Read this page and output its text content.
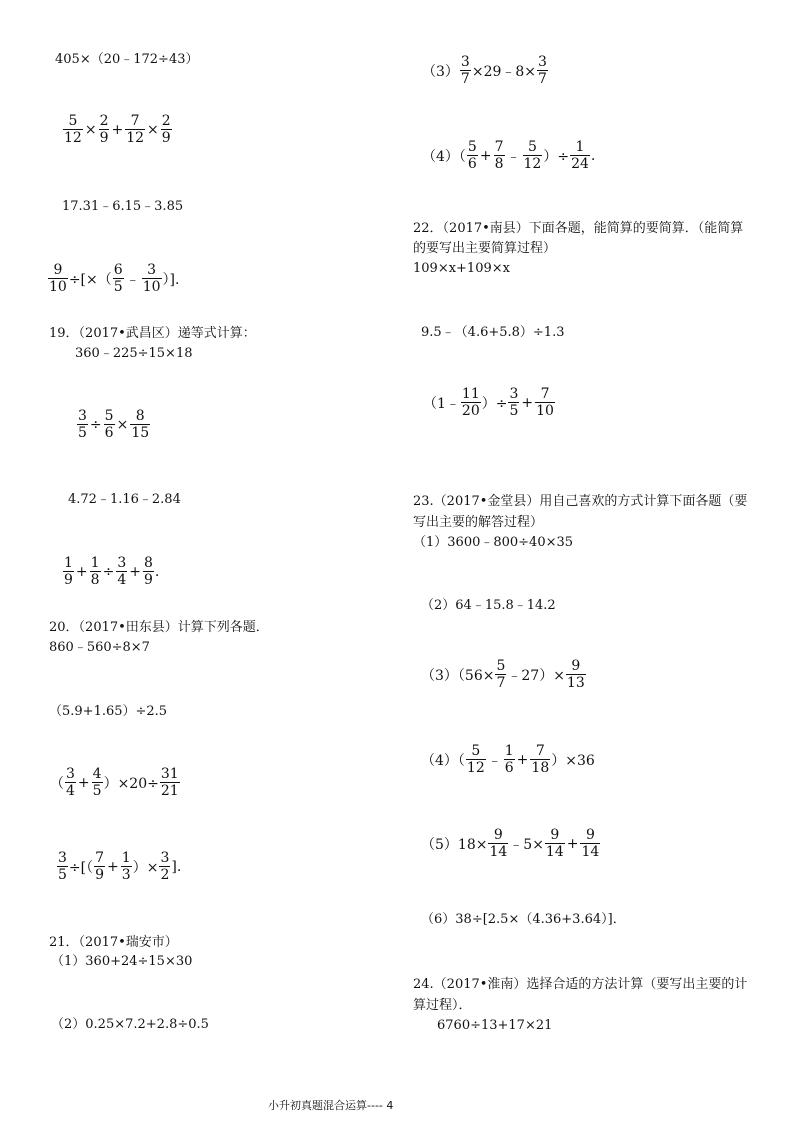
405×（20﹣172÷43）
$\frac{5}{12} \times \frac{2}{9} + \frac{7}{12} \times \frac{2}{9}$
17.31﹣6.15﹣3.85
$\frac{9}{10}$ ÷[×（ $\frac{6}{5}$ ﹣ $\frac{3}{10}$ ）].
19．（2017•武昌区）递等式计算：
360﹣225÷15×18
$\frac{3}{5} \div \frac{5}{6} \times \frac{8}{15}$
4.72﹣1.16﹣2.84
$\frac{1}{9} + \frac{1}{8} \div \frac{3}{4} + \frac{8}{9}$ .
20．（2017•田东县）计算下列各题．
860﹣560÷8×7
（5.9+1.65）÷2.5
（ $\frac{3}{4} + \frac{4}{5} )\times 20\div \frac{31}{21}$
$\frac{3}{5}$ ÷[（ $\frac{7}{9} + \frac{1}{3}$ ）× $\frac{3}{2}$ ].
21．（2017•瑞安市）
（1）360+24÷15×30
（2）0.25×7.2+2.8÷0.5
$(3) \frac{3}{7}$ ×29﹣8× $\frac{3}{7}$
$(4)( \frac{5}{6} + \frac{7}{8}$ ﹣ $\frac{5}{12}$ ）÷ $\frac{1}{24}$ .
22．（2017•南县）下面各题，能简算的要简算．（能简算
的要写出主要简算过程）
109×x+109×x
9.5﹣（4.6+5.8）÷1.3
（1﹣ $\frac{11}{20}$ ）÷ $\frac{3}{5} + \frac{7}{10}$
23.（2017•金堂县）用自己喜欢的方式计算下面各题（要
写出主要的解答过程）
（1）3600﹣800÷40×35
（2）64﹣15.8﹣14.2
$(3)(56\times \frac{5}{7}$ ﹣27）× $\frac{9}{13}$
$(4)( \frac{5}{12}$ ﹣ $\frac{1}{6} + \frac{7}{18} )\times 36$
$(5)18\times \frac{9}{14}$ ﹣5× $\frac{9}{14} + \frac{9}{14}$
（6）38÷[2.5×（4.36+3.64）]．
24.（2017•淮南）选择合适的方法计算（要写出主要的计
算过程）．
6760÷13+17×21
小升初真题混合运算---- 4
